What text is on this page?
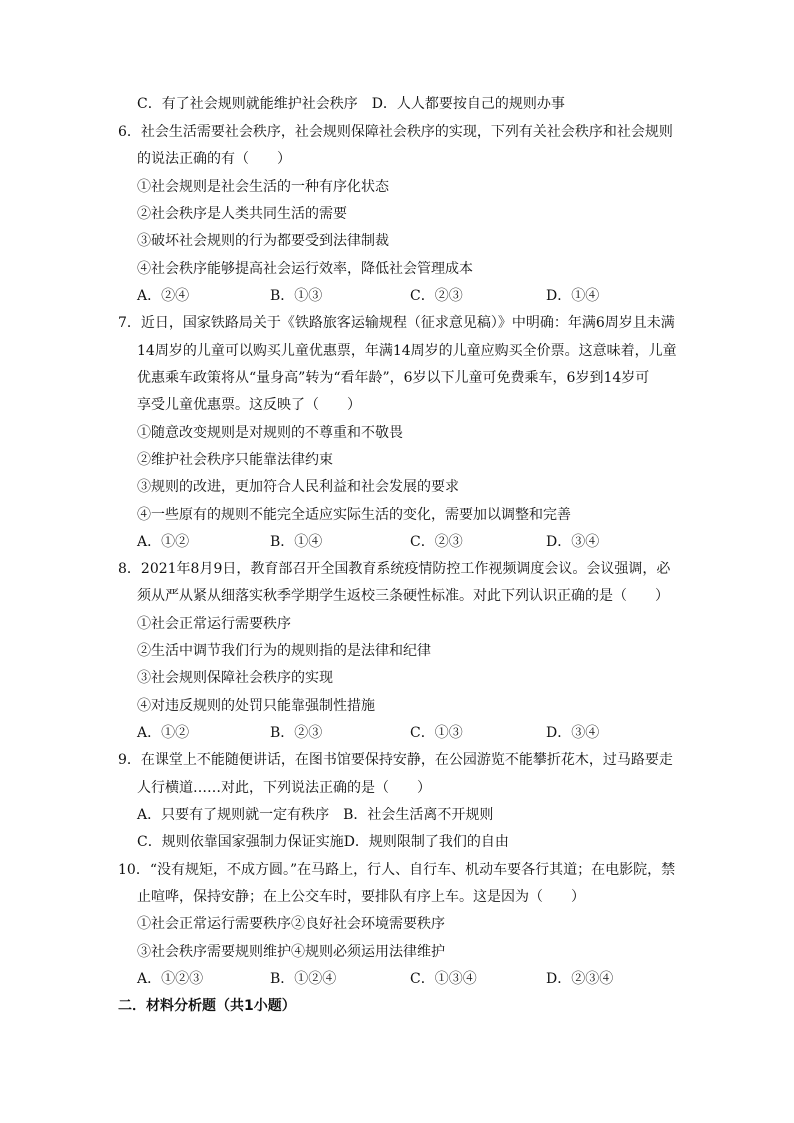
C．有了社会规则就能维护社会秩序　D．人人都要按自己的规则办事
6．社会生活需要社会秩序，社会规则保障社会秩序的实现，下列有关社会秩序和社会规则
的说法正确的有（　　）
①社会规则是社会生活的一种有序化状态
②社会秩序是人类共同生活的需要
③破坏社会规则的行为都要受到法律制裁
④社会秩序能够提高社会运行效率，降低社会管理成本
A．②④	B．①③	C．②③	D．①④
7．近日，国家铁路局关于《铁路旅客运输规程（征求意见稿）》中明确：年满6周岁且未满
14周岁的儿童可以购买儿童优惠票，年满14周岁的儿童应购买全价票。这意味着，儿童
优惠乘车政策将从“量身高”转为“看年龄”，6岁以下儿童可免费乘车，6岁到14岁可
享受儿童优惠票。这反映了（　　）
①随意改变规则是对规则的不尊重和不敬畏
②维护社会秩序只能靠法律约束
③规则的改进，更加符合人民利益和社会发展的要求
④一些原有的规则不能完全适应实际生活的变化，需要加以调整和完善
A．①②	B．①④	C．②③	D．③④
8．2021年8月9日，教育部召开全国教育系统疫情防控工作视频调度会议。会议强调，必
须从严从紧从细落实秋季学期学生返校三条硬性标准。对此下列认识正确的是（　　）
①社会正常运行需要秩序
②生活中调节我们行为的规则指的是法律和纪律
③社会规则保障社会秩序的实现
④对违反规则的处罚只能靠强制性措施
A．①②	B．②③	C．①③	D．③④
9．在课堂上不能随便讲话，在图书馆要保持安静，在公园游览不能攀折花木，过马路要走
人行横道……对此，下列说法正确的是（　　）
A．只要有了规则就一定有秩序　B．社会生活离不开规则
C．规则依靠国家强制力保证实施D．规则限制了我们的自由
10．“没有规矩，不成方圆。”在马路上，行人、自行车、机动车要各行其道；在电影院，禁
止喧哗，保持安静；在上公交车时，要排队有序上车。这是因为（　　）
①社会正常运行需要秩序②良好社会环境需要秩序
③社会秩序需要规则维护④规则必须运用法律维护
A．①②③	B．①②④	C．①③④	D．②③④
二．材料分析题（共1小题）
